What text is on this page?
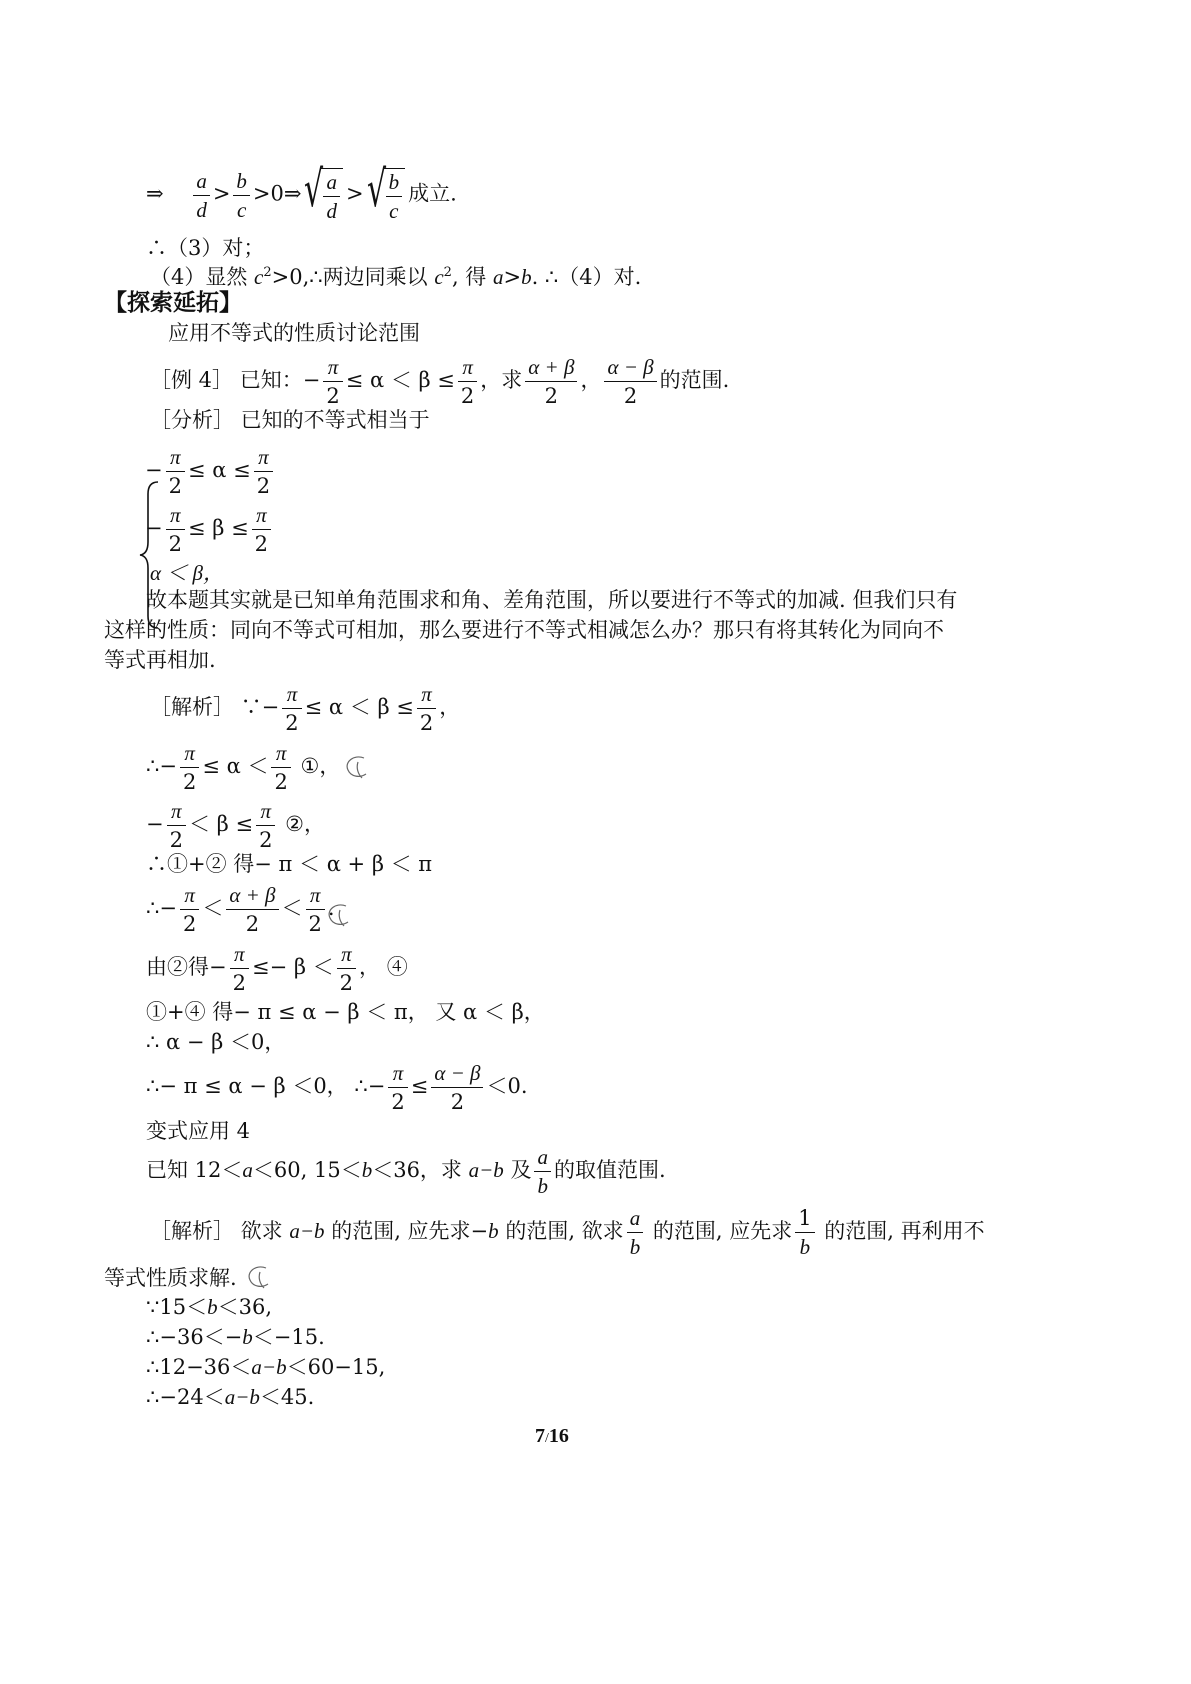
⇒ $\frac{a}{d} > \frac{b}{c}$ >0⇒ √ $\frac{a}{d}$ > √ $\frac{b}{c}$ 成立.
∴（3）对；
（4）显然 $c^2>0,\therefore$两边同乘以 $c^2$, 得 a>b. ∴（4）对.
【探索延拓】
应用不等式的性质讨论范围
［例 4］ 已知：− $\frac{\pi}{2} \le \alpha < \beta \le \frac{\pi}{2}$ ，求 $\frac{\alpha + \beta}{2}$ ， $\frac{\alpha - \beta}{2}$ 的范围.
［分析］ 已知的不等式相当于
− $\frac{\pi}{2} \le \alpha \le \frac{\pi}{2}$
− $\frac{\pi}{2} \le \beta \le \frac{\pi}{2}$
α ＜ β，
故本题其实就是已知单角范围求和角、差角范围，所以要进行不等式的加减. 但我们只有
这样的性质：同向不等式可相加，那么要进行不等式相减怎么办？那只有将其转化为同向不
等式再相加.
［解析］ ∵− $\frac{\pi}{2} \le \alpha < \beta \le \frac{\pi}{2}$ ，
∴− $\frac{\pi}{2} \le \alpha < \frac{\pi}{2}$ ①，
− $\frac{\pi}{2} < \beta \le \frac{\pi}{2}$ ②，
∴①+② 得− π ＜ α + β ＜ π
∴− $\frac{\pi}{2} < \frac{\alpha + \beta}{2} < \frac{\pi}{2}$ .
由②得− $\frac{\pi}{2} \le- \beta < \frac{\pi}{2}$ ， ④
①+④ 得− π ≤ α − β ＜ π， 又 α ＜ β，
∴ α − β ＜0，
∴− π ≤ α − β ＜0， ∴− $\frac{\pi}{2} \le \frac{\alpha - \beta}{2} <0$.
变式应用 4
已知 12＜a＜60, 15＜b＜36，求 a−b 及 $\frac{a}{b}$ 的取值范围.
［解析］ 欲求 a−b 的范围, 应先求−b 的范围, 欲求 $\frac{a}{b}$ 的范围, 应先求 $\frac{1}{b}$ 的范围, 再利用不
等式性质求解.
∵15＜b＜36,
∴−36＜−b＜−15.
∴12−36＜a−b＜60−15,
∴−24＜a−b＜45.
7/16
